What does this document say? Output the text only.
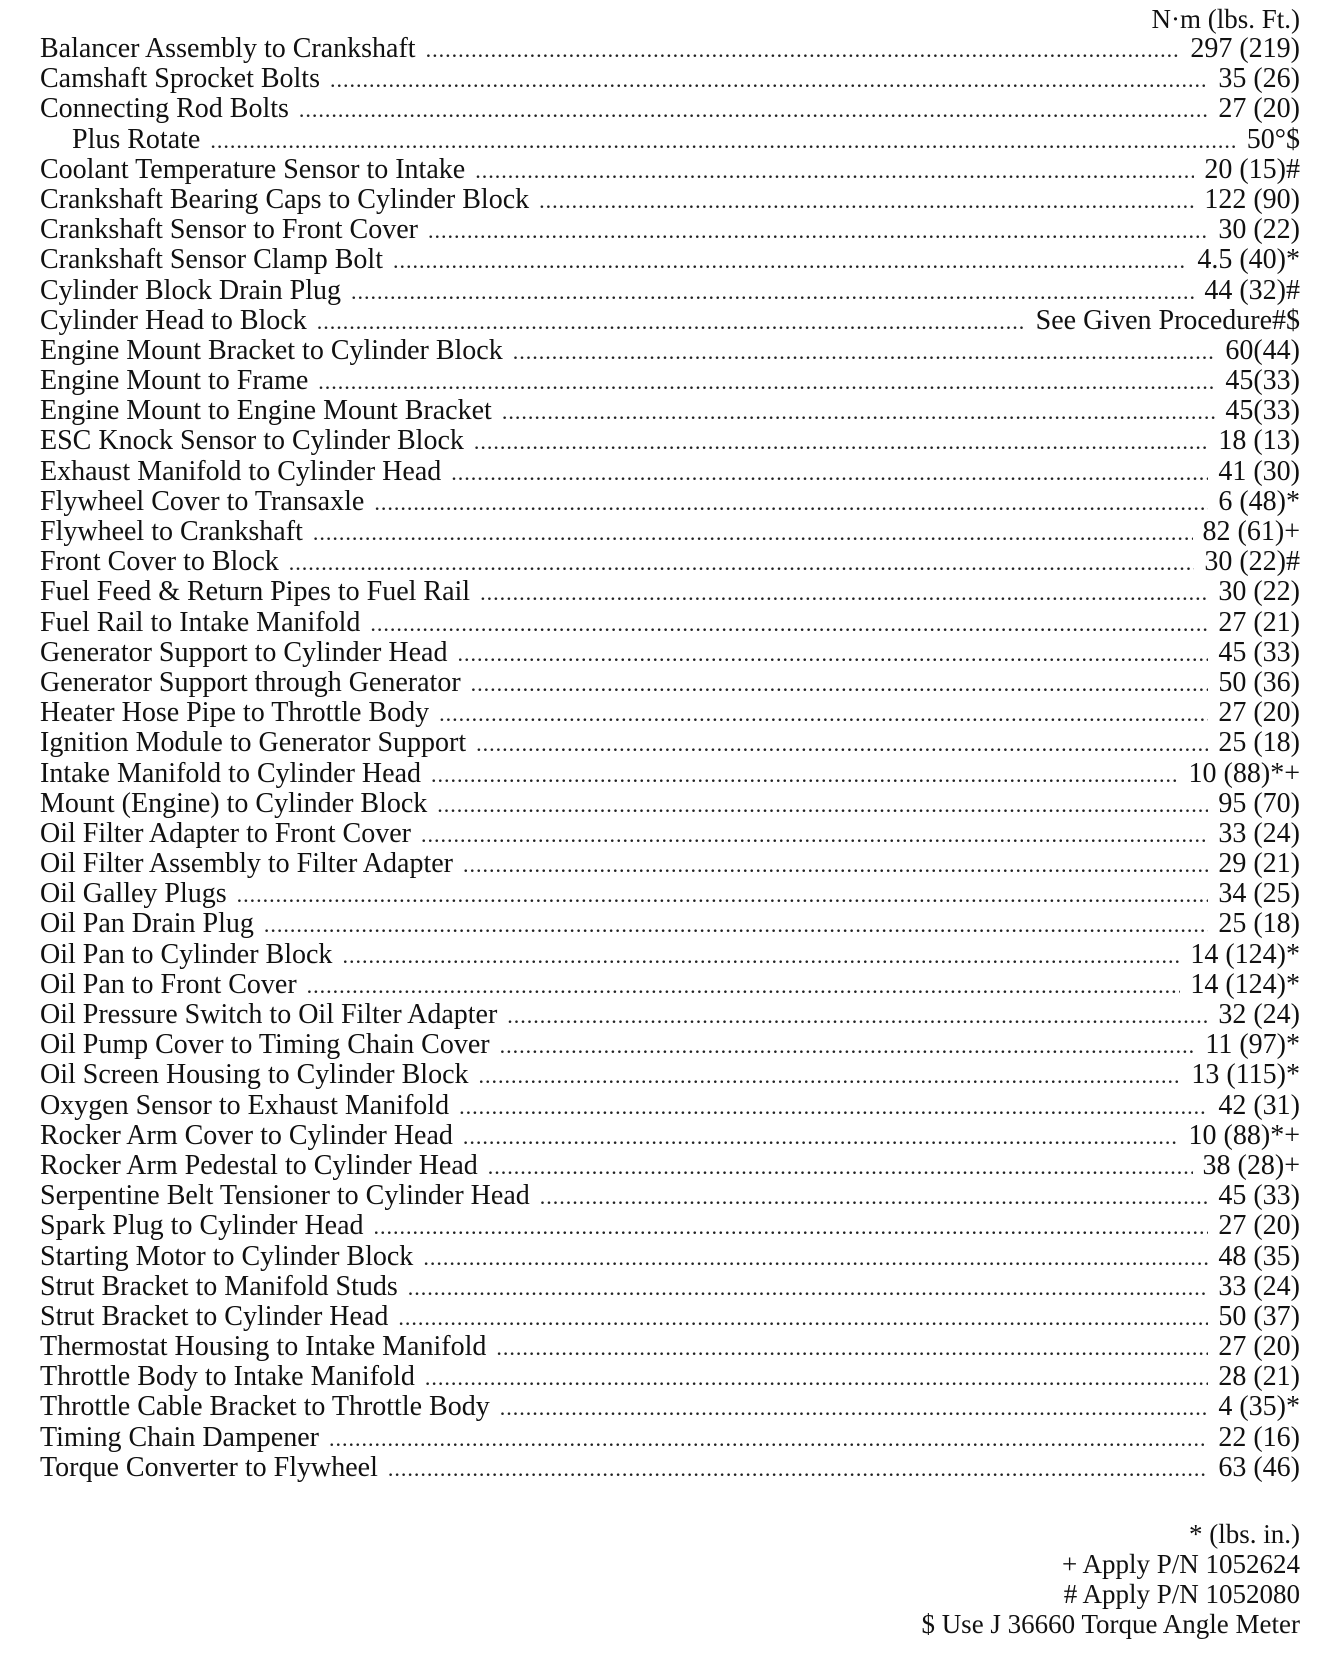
N·m (lbs. Ft.)
Balancer Assembly to Crankshaft .....	297 (219)
Camshaft Sprocket Bolts .....	35 (26)
Connecting Rod Bolts .....	27 (20)
Plus Rotate .....	50°$
Coolant Temperature Sensor to Intake .....	20 (15)#
Crankshaft Bearing Caps to Cylinder Block .....	122 (90)
Crankshaft Sensor to Front Cover .....	30 (22)
Crankshaft Sensor Clamp Bolt .....	4.5 (40)*
Cylinder Block Drain Plug .....	44 (32)#
Cylinder Head to Block .....	See Given Procedure#$
Engine Mount Bracket to Cylinder Block .....	60(44)
Engine Mount to Frame .....	45(33)
Engine Mount to Engine Mount Bracket .....	45(33)
ESC Knock Sensor to Cylinder Block .....	18 (13)
Exhaust Manifold to Cylinder Head .....	41 (30)
Flywheel Cover to Transaxle .....	6 (48)*
Flywheel to Crankshaft .....	82 (61)+
Front Cover to Block .....	30 (22)#
Fuel Feed & Return Pipes to Fuel Rail .....	30 (22)
Fuel Rail to Intake Manifold .....	27 (21)
Generator Support to Cylinder Head .....	45 (33)
Generator Support through Generator .....	50 (36)
Heater Hose Pipe to Throttle Body .....	27 (20)
Ignition Module to Generator Support .....	25 (18)
Intake Manifold to Cylinder Head .....	10 (88)*+
Mount (Engine) to Cylinder Block .....	95 (70)
Oil Filter Adapter to Front Cover .....	33 (24)
Oil Filter Assembly to Filter Adapter .....	29 (21)
Oil Galley Plugs .....	34 (25)
Oil Pan Drain Plug .....	25 (18)
Oil Pan to Cylinder Block .....	14 (124)*
Oil Pan to Front Cover .....	14 (124)*
Oil Pressure Switch to Oil Filter Adapter .....	32 (24)
Oil Pump Cover to Timing Chain Cover .....	11 (97)*
Oil Screen Housing to Cylinder Block .....	13 (115)*
Oxygen Sensor to Exhaust Manifold .....	42 (31)
Rocker Arm Cover to Cylinder Head .....	10 (88)*+
Rocker Arm Pedestal to Cylinder Head .....	38 (28)+
Serpentine Belt Tensioner to Cylinder Head .....	45 (33)
Spark Plug to Cylinder Head .....	27 (20)
Starting Motor to Cylinder Block .....	48 (35)
Strut Bracket to Manifold Studs .....	33 (24)
Strut Bracket to Cylinder Head .....	50 (37)
Thermostat Housing to Intake Manifold .....	27 (20)
Throttle Body to Intake Manifold .....	28 (21)
Throttle Cable Bracket to Throttle Body .....	4 (35)*
Timing Chain Dampener .....	22 (16)
Torque Converter to Flywheel .....	63 (46)
* (lbs. in.)
+ Apply P/N 1052624
# Apply P/N 1052080
$ Use J 36660 Torque Angle Meter
